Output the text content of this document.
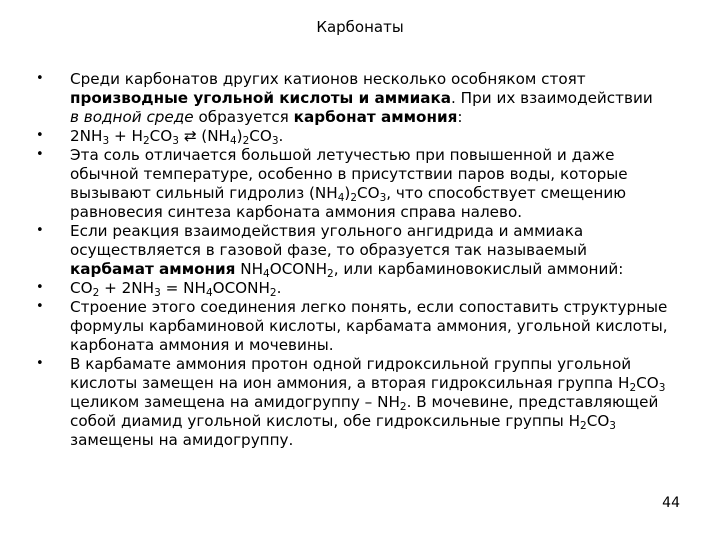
Карбонаты
• Среди карбонатов других катионов несколько особняком стоят
производные угольной кислоты и аммиака. При их взаимодействии
в водной среде образуется карбонат аммония:
• $2NH_3 + H_2CO_3$ ⇄ $(NH_4)_2CO_3$.
• Эта соль отличается большой летучестью при повышенной и даже
обычной температуре, особенно в присутствии паров воды, которые
вызывают сильный гидролиз $(NH_4)_2CO_3$, что способствует смещению
равновесия синтеза карбоната аммония справа налево.
• Если реакция взаимодействия угольного ангидрида и аммиака
осуществляется в газовой фазе, то образуется так называемый
карбамат аммония $NH_4OCONH_2$, или карбаминовокислый аммоний:
• $CO_2 + 2NH_3$ = $NH_4OCONH_2$.
• Строение этого соединения легко понять, если сопоставить структурные
формулы карбаминовой кислоты, карбамата аммония, угольной кислоты,
карбоната аммония и мочевины.
• В карбамате аммония протон одной гидроксильной группы угольной
кислоты замещен на ион аммония, а вторая гидроксильная группа $H_2CO_3$
целиком замещена на амидогруппу – $NH_2$. В мочевине, представляющей
собой диамид угольной кислоты, обе гидроксильные группы $H_2CO_3$
замещены на амидогруппу.
44
